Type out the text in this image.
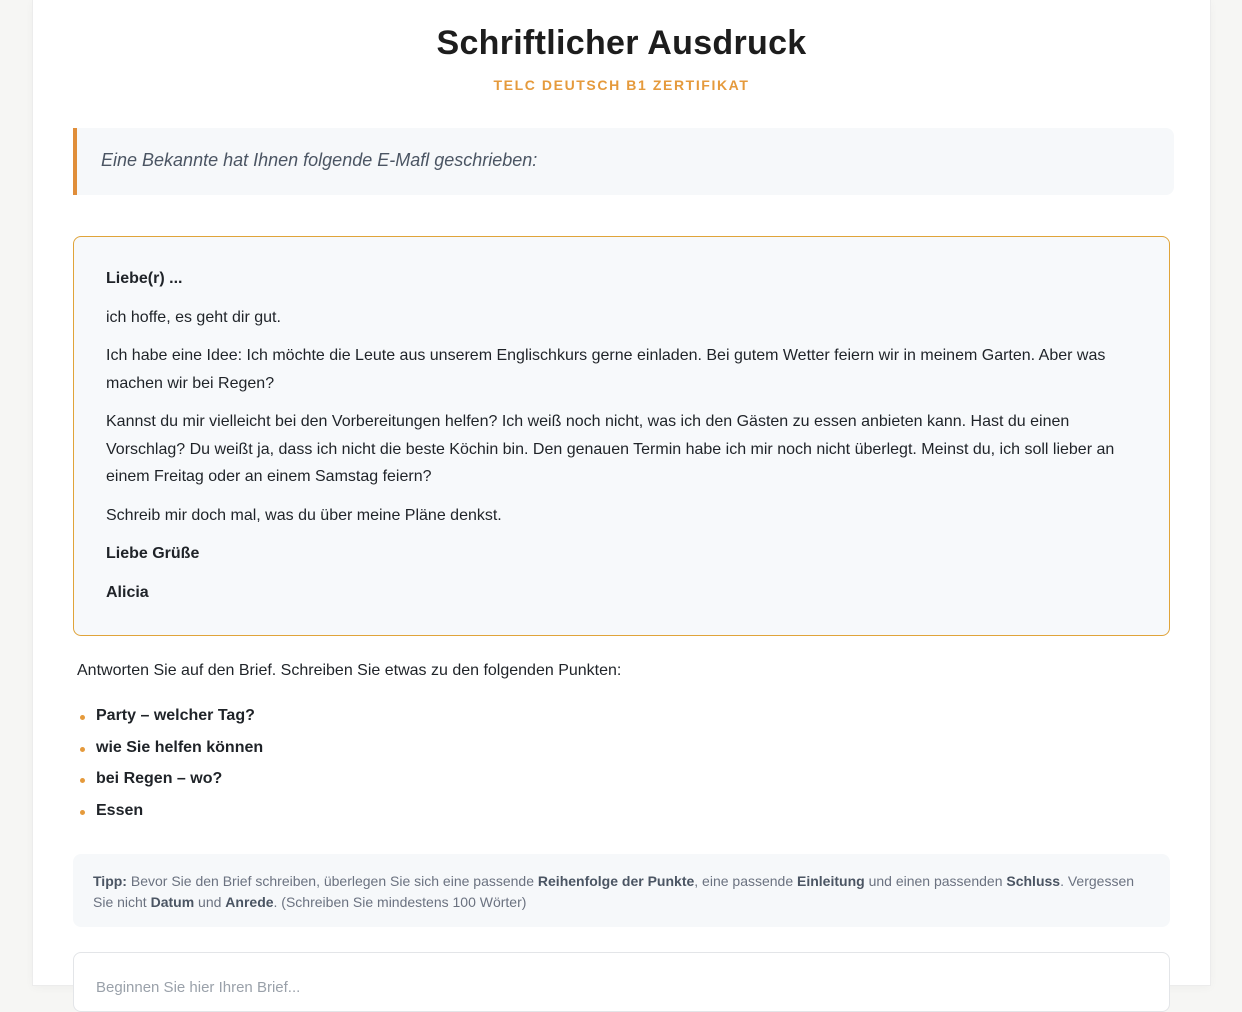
Schriftlicher Ausdruck
TELC DEUTSCH B1 ZERTIFIKAT
Eine Bekannte hat Ihnen folgende E-Mafl geschrieben:

Liebe(r) ...

ich hoffe, es geht dir gut.

Ich habe eine Idee: Ich möchte die Leute aus unserem Englischkurs gerne einladen. Bei gutem Wetter feiern wir in meinem Garten. Aber was machen wir bei Regen?

Kannst du mir vielleicht bei den Vorbereitungen helfen? Ich weiß noch nicht, was ich den Gästen zu essen anbieten kann. Hast du einen Vorschlag? Du weißt ja, dass ich nicht die beste Köchin bin. Den genauen Termin habe ich mir noch nicht überlegt. Meinst du, ich soll lieber an einem Freitag oder an einem Samstag feiern?

Schreib mir doch mal, was du über meine Pläne denkst.

Liebe Grüße

Alicia

Antworten Sie auf den Brief. Schreiben Sie etwas zu den folgenden Punkten:
Party – welcher Tag?
wie Sie helfen können
bei Regen – wo?
Essen
Tipp: Bevor Sie den Brief schreiben, überlegen Sie sich eine passende Reihenfolge der Punkte, eine passende Einleitung und einen passenden Schluss. Vergessen Sie nicht Datum und Anrede. (Schreiben Sie mindestens 100 Wörter)
Beginnen Sie hier Ihren Brief...
